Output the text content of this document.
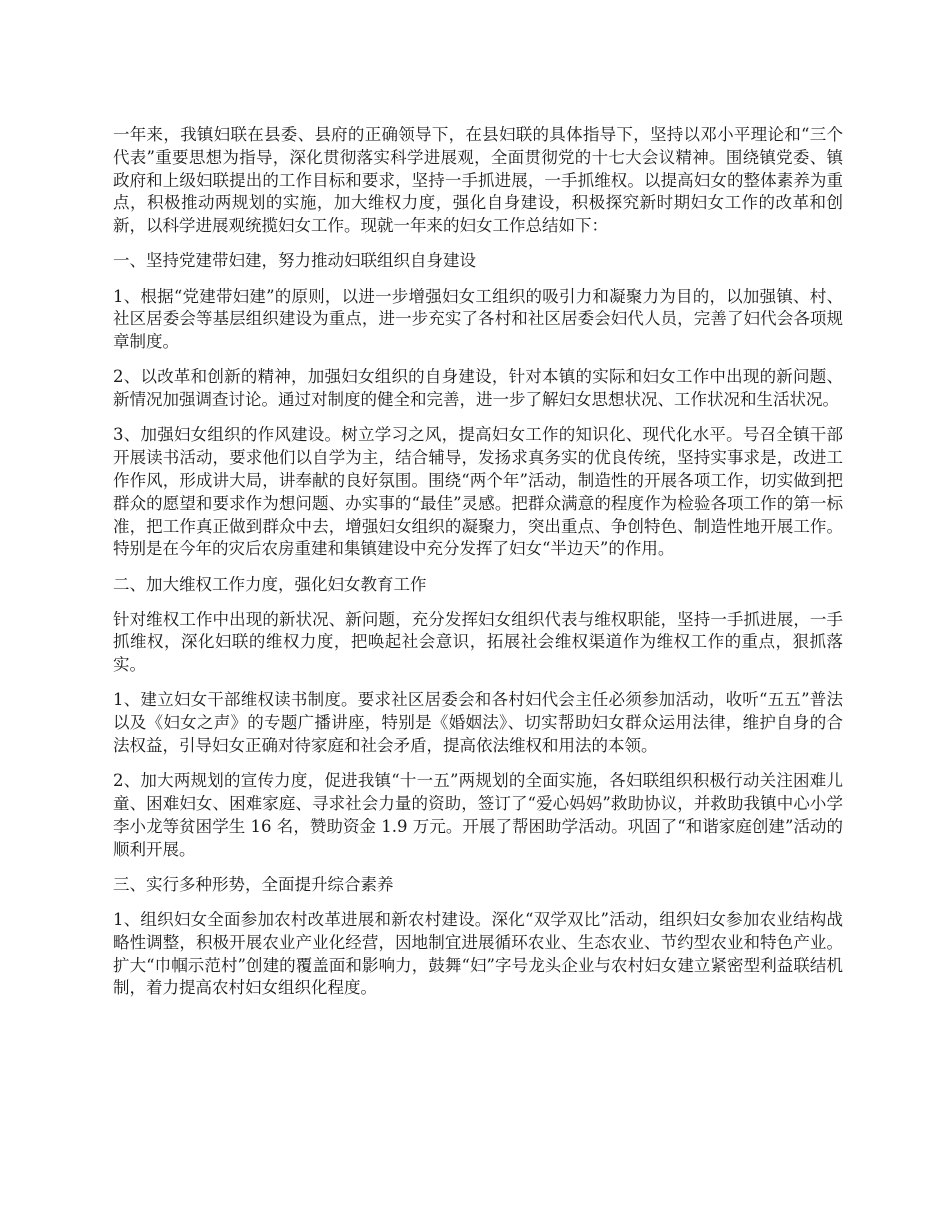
一年来，我镇妇联在县委、县府的正确领导下，在县妇联的具体指导下，坚持以邓小平理论和“三个代表”重要思想为指导，深化贯彻落实科学进展观，全面贯彻党的十七大会议精神。围绕镇党委、镇政府和上级妇联提出的工作目标和要求，坚持一手抓进展，一手抓维权。以提高妇女的整体素养为重点，积极推动两规划的实施，加大维权力度，强化自身建设，积极探究新时期妇女工作的改革和创新，以科学进展观统揽妇女工作。现就一年来的妇女工作总结如下：

一、坚持党建带妇建，努力推动妇联组织自身建设

1、根据“党建带妇建”的原则，以进一步增强妇女工组织的吸引力和凝聚力为目的，以加强镇、村、社区居委会等基层组织建设为重点，进一步充实了各村和社区居委会妇代人员，完善了妇代会各项规章制度。

2、以改革和创新的精神，加强妇女组织的自身建设，针对本镇的实际和妇女工作中出现的新问题、新情况加强调查讨论。通过对制度的健全和完善，进一步了解妇女思想状况、工作状况和生活状况。

3、加强妇女组织的作风建设。树立学习之风，提高妇女工作的知识化、现代化水平。号召全镇干部开展读书活动，要求他们以自学为主，结合辅导，发扬求真务实的优良传统，坚持实事求是，改进工作作风，形成讲大局，讲奉献的良好氛围。围绕“两个年”活动，制造性的开展各项工作，切实做到把群众的愿望和要求作为想问题、办实事的“最佳”灵感。把群众满意的程度作为检验各项工作的第一标准，把工作真正做到群众中去，增强妇女组织的凝聚力，突出重点、争创特色、制造性地开展工作。特别是在今年的灾后农房重建和集镇建设中充分发挥了妇女“半边天”的作用。

二、加大维权工作力度，强化妇女教育工作

针对维权工作中出现的新状况、新问题，充分发挥妇女组织代表与维权职能，坚持一手抓进展，一手抓维权，深化妇联的维权力度，把唤起社会意识，拓展社会维权渠道作为维权工作的重点，狠抓落实。

1、建立妇女干部维权读书制度。要求社区居委会和各村妇代会主任必须参加活动，收听“五五”普法以及《妇女之声》的专题广播讲座，特别是《婚姻法》、切实帮助妇女群众运用法律，维护自身的合法权益，引导妇女正确对待家庭和社会矛盾，提高依法维权和用法的本领。

2、加大两规划的宣传力度，促进我镇“十一五”两规划的全面实施，各妇联组织积极行动关注困难儿童、困难妇女、困难家庭、寻求社会力量的资助，签订了“爱心妈妈”救助协议，并救助我镇中心小学李小龙等贫困学生 16 名，赞助资金 1.9 万元。开展了帮困助学活动。巩固了“和谐家庭创建”活动的顺利开展。

三、实行多种形势，全面提升综合素养

1、组织妇女全面参加农村改革进展和新农村建设。深化“双学双比”活动，组织妇女参加农业结构战略性调整，积极开展农业产业化经营，因地制宜进展循环农业、生态农业、节约型农业和特色产业。扩大“巾帼示范村”创建的覆盖面和影响力，鼓舞“妇”字号龙头企业与农村妇女建立紧密型利益联结机制，着力提高农村妇女组织化程度。
